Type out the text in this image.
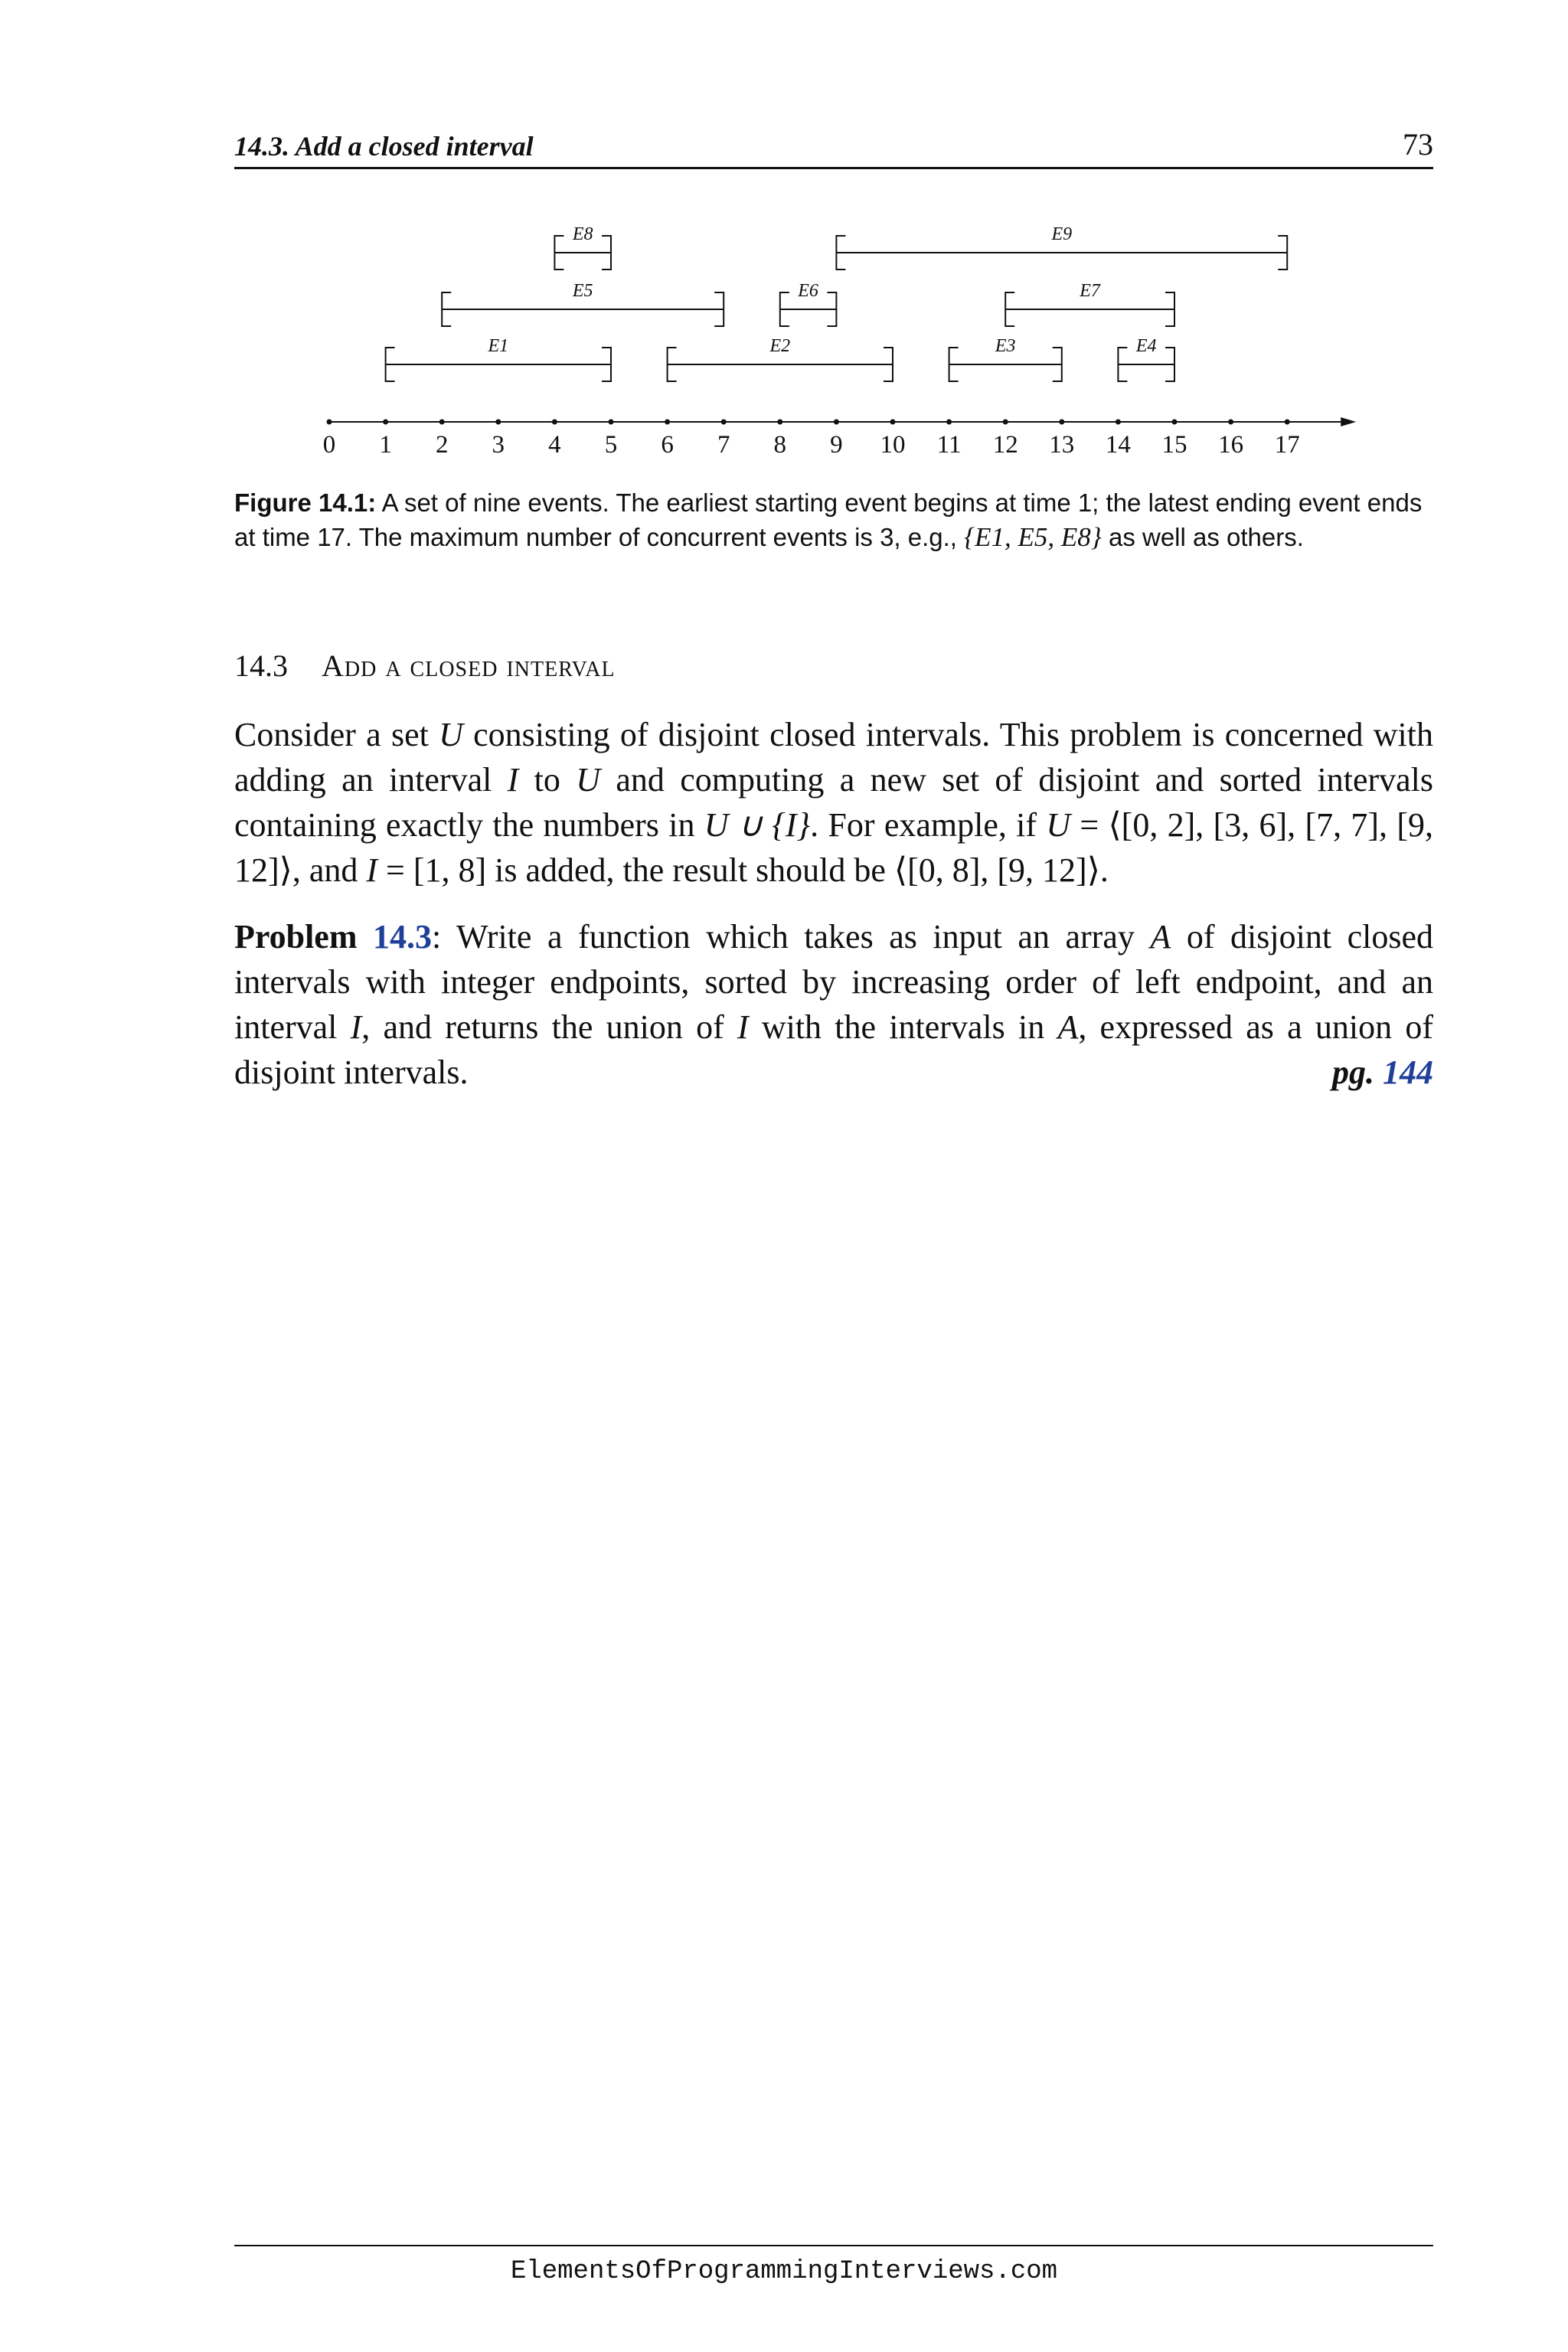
14.3. Add a closed interval	73
0 1 2 3 4 5 6 7 8 9 10 11 12 13 14 15 16 17
E1	E2	E3	E4
E5	E6	E7
E8	E9
Figure 14.1: A set of nine events. The earliest starting event begins at time 1; the latest ending event ends at time 17. The maximum number of concurrent events is 3, e.g., {E1, E5, E8} as well as others.
14.3 Add a closed interval
Consider a set U consisting of disjoint closed intervals. This problem is concerned with adding an interval I to U and computing a new set of disjoint and sorted intervals containing exactly the numbers in U ∪ {I}. For example, if U = ⟨[0, 2], [3, 6], [7, 7], [9, 12]⟩, and I = [1, 8] is added, the result should be ⟨[0, 8], [9, 12]⟩.
Problem 14.3: Write a function which takes as input an array A of disjoint closed intervals with integer endpoints, sorted by increasing order of left endpoint, and an interval I, and returns the union of I with the intervals in A, expressed as a union of disjoint intervals.	pg. 144
ElementsOfProgrammingInterviews.com
